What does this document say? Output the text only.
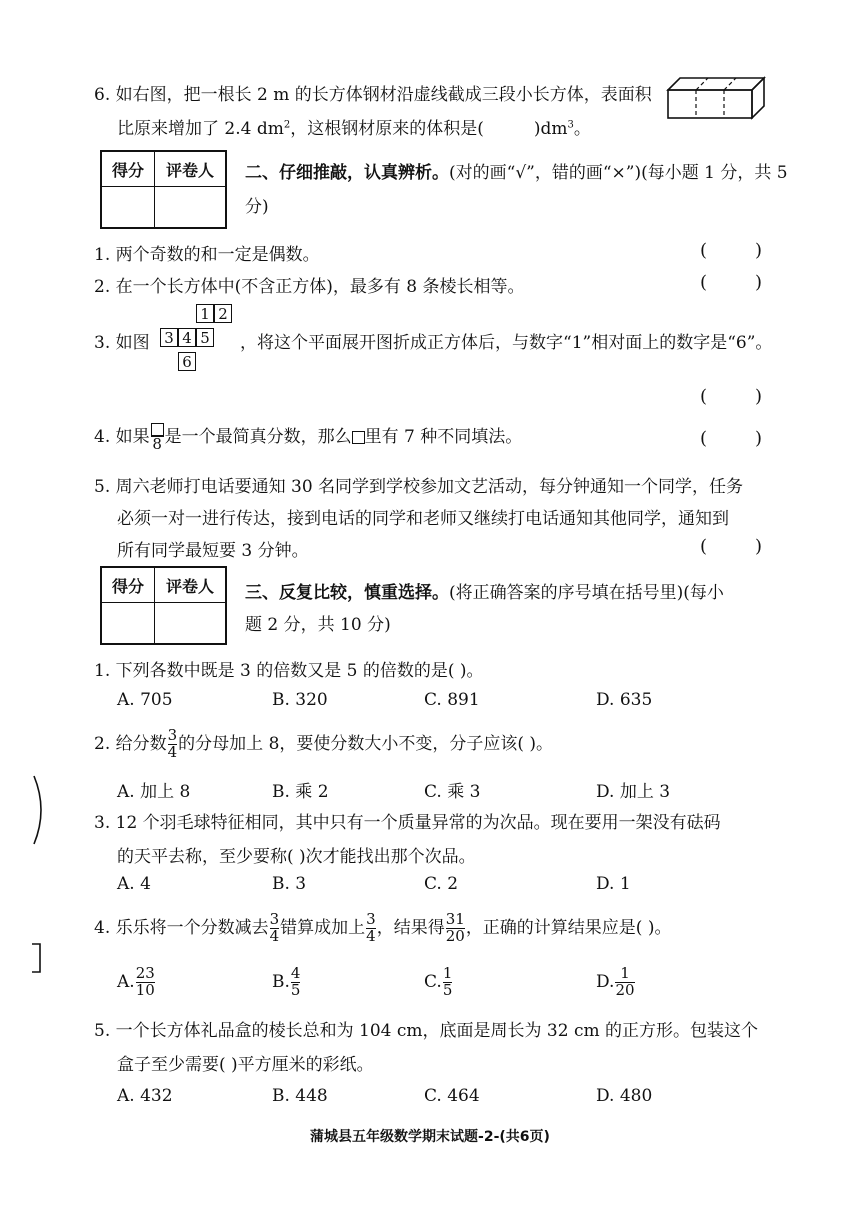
6. 如右图，把一根长 2 m 的长方体钢材沿虚线截成三段小长方体，表面积
比原来增加了 2.4 $dm^2$，这根钢材原来的体积是(	)$dm^3$。
得分	评卷人
	二、仔细推敲，认真辨析。(对的画“√”，错的画“×”)(每小题 1 分，共 5
分)
1. 两个奇数的和一定是偶数。	(	)
2. 在一个长方体中(不含正方体)，最多有 8 条棱长相等。	(	)
3. 如图
1 2
3 4 5
6
，将这个平面展开图折成正方体后，与数字“1”相对面上的数字是“6”。
(	)
4. 如果 8 是一个最简真分数，那么 里有 7 种不同填法。	(	)
5. 周六老师打电话要通知 30 名同学到学校参加文艺活动，每分钟通知一个同学，任务
必须一对一进行传达，接到电话的同学和老师又继续打电话通知其他同学，通知到
所有同学最短要 3 分钟。	(	)
得分	评卷人
	三、反复比较，慎重选择。(将正确答案的序号填在括号里)(每小
题 2 分，共 10 分)
1. 下列各数中既是 3 的倍数又是 5 的倍数的是( )。
A. 705	B. 320	C. 891	D. 635
2. 给分数 $\frac{3}{4}$ 的分母加上 8，要使分数大小不变，分子应该( )。
A. 加上 8	B. 乘 2	C. 乘 3	D. 加上 3
3. 12 个羽毛球特征相同，其中只有一个质量异常的为次品。现在要用一架没有砝码
的天平去称，至少要称( )次才能找出那个次品。
A. 4	B. 3	C. 2	D. 1
4. 乐乐将一个分数减去 $\frac{3}{4}$ 错算成加上 $\frac{3}{4}$ ，结果得 $\frac{31}{20}$ ，正确的计算结果应是( )。
A. $\frac{23}{10}$	B. $\frac{4}{5}$	C. $\frac{1}{5}$	D. $\frac{1}{20}$
5. 一个长方体礼品盒的棱长总和为 104 cm，底面是周长为 32 cm 的正方形。包装这个
盒子至少需要( )平方厘米的彩纸。
A. 432	B. 448	C. 464	D. 480
蒲城县五年级数学期末试题-2-(共6页)
